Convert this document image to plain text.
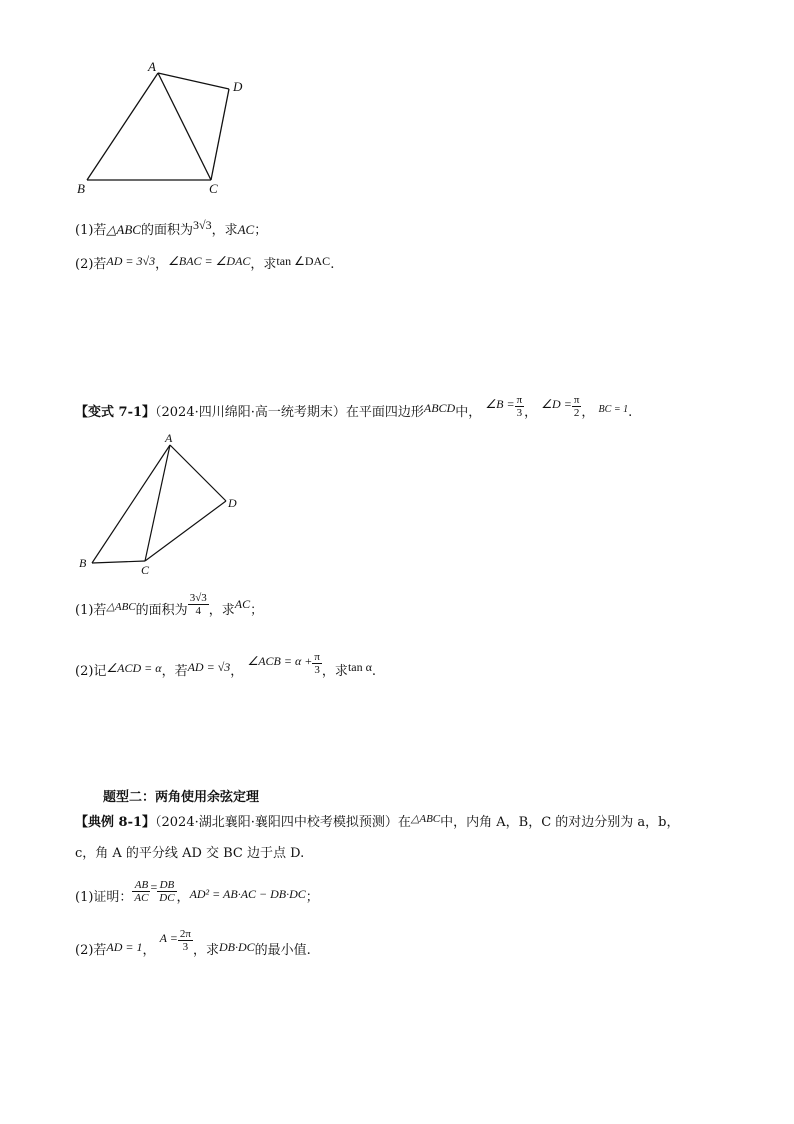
A
B	C
D
(1)若△ABC的面积为3√3，求AC；
(2)若AD = 3√3，∠BAC = ∠DAC，求tan ∠DAC.
【变式 7-1】（2024·四川绵阳·高一统考期末）在平面四边形ABCD中， ∠B = $\frac{\pi}{3}$ ， ∠D = $\frac{\pi}{2}$ ， $^{BC = 1}$.
A
B	C
D
(1)若$^{\triangle ABC}$的面积为 $\frac{3√3}{4}$ ，求AC；
(2)记∠ACD = α，若AD = √3， ∠ACB = $\alpha + \frac{\pi}{3}$ ，求tan α.
题型二：两角使用余弦定理
【典例 8-1】（2024·湖北襄阳·襄阳四中校考模拟预测）在$^{\triangle ABC}$中，内角 A，B，C 的对边分别为 a，b，
c，角 A 的平分线 AD 交 BC 边于点 D.
(1)证明： $\frac{AB}{AC} = \frac{DB}{DC}$ ，AD² = AB·AC − DB·DC；
(2)若AD = 1， $A = \frac{2\pi}{3}$ ，求DB·DC的最小值.
